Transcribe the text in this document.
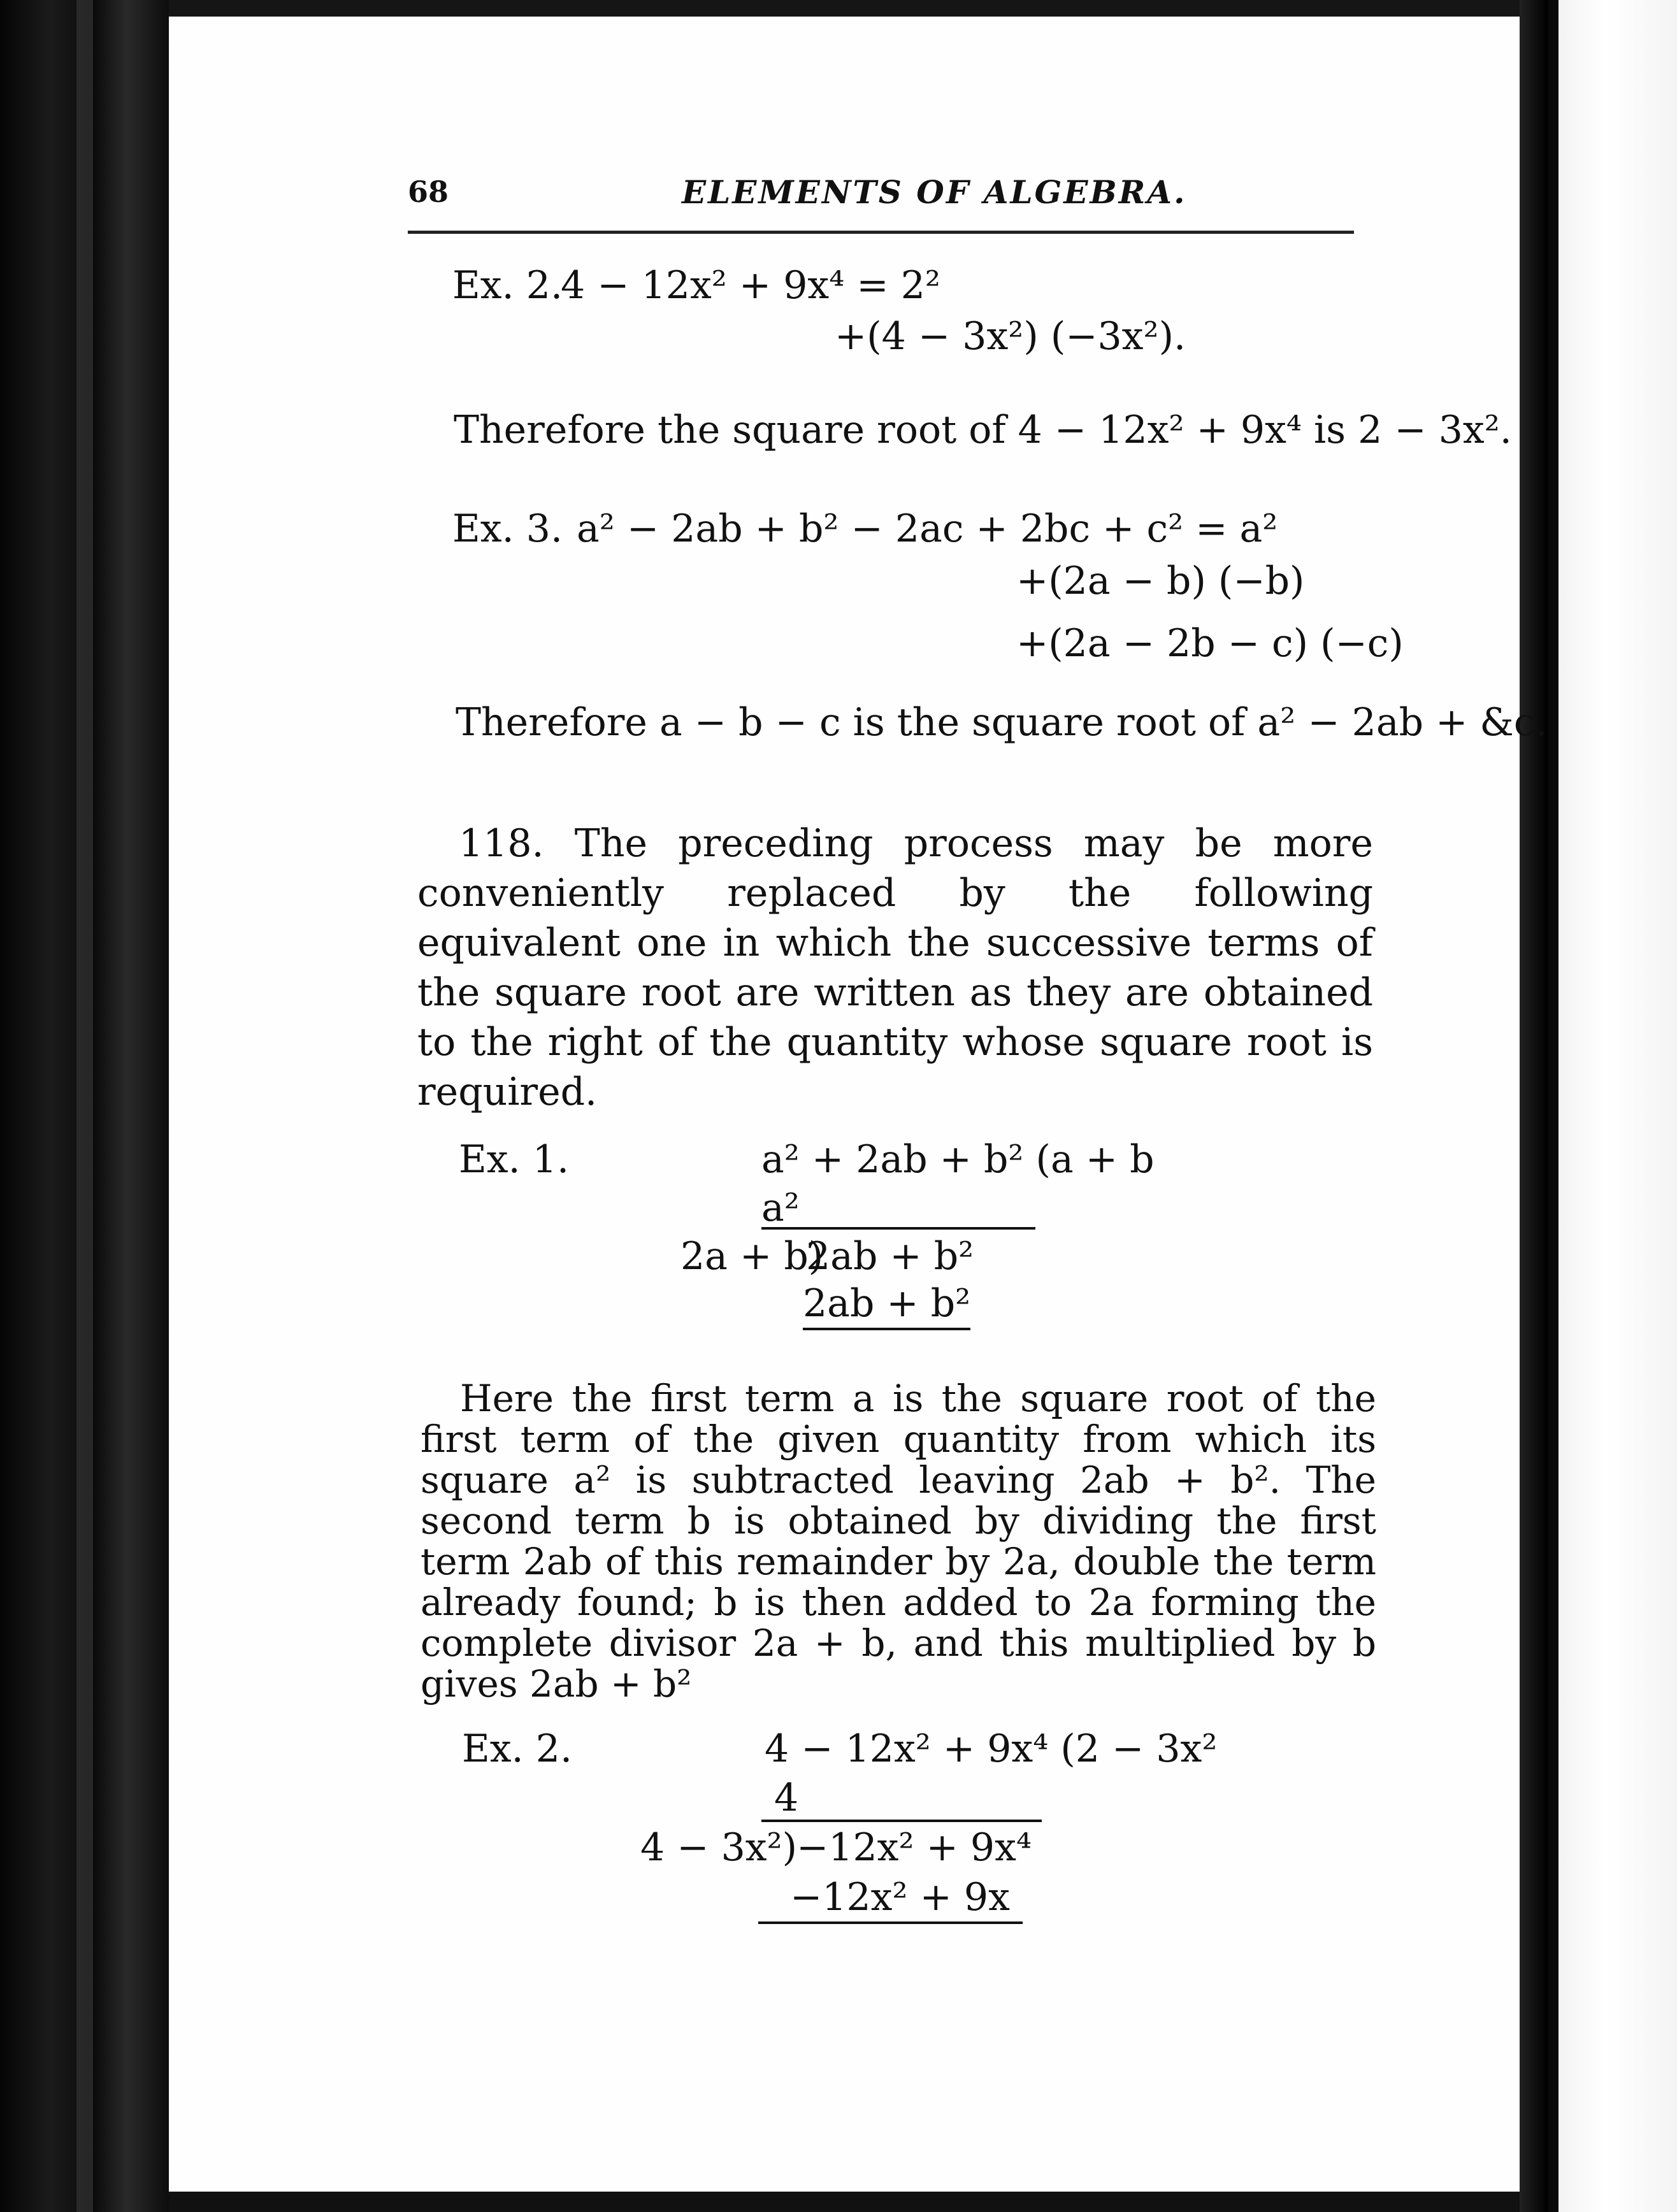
68	ELEMENTS OF ALGEBRA.
Ex. 2.
4 − 12x² + 9x⁴ = 2²
+(4 − 3x²) (−3x²).
Therefore the square root of 4 − 12x² + 9x⁴ is 2 − 3x².
Ex. 3. a² − 2ab + b² − 2ac + 2bc + c² = a²
+(2a − b) (−b)
+(2a − 2b − c) (−c)
Therefore a − b − c is the square root of a² − 2ab + &c.
118. The preceding process may be more conveniently replaced by the following equivalent one in which the successive terms of the square root are written as they are obtained to the right of the quantity whose square root is required.
Ex. 1.	a² + 2ab + b² (a + b
a²
2a + b)
2ab + b²
2ab + b²
Here the first term a is the square root of the first term of the given quantity from which its square a² is subtracted leaving 2ab + b². The second term b is obtained by dividing the first term 2ab of this remainder by 2a, double the term already found; b is then added to 2a forming the complete divisor 2a + b, and this multiplied by b gives 2ab + b²
Ex. 2.	4 − 12x² + 9x⁴ (2 − 3x²
4
4 − 3x²)
−12x² + 9x⁴
−12x² + 9x
